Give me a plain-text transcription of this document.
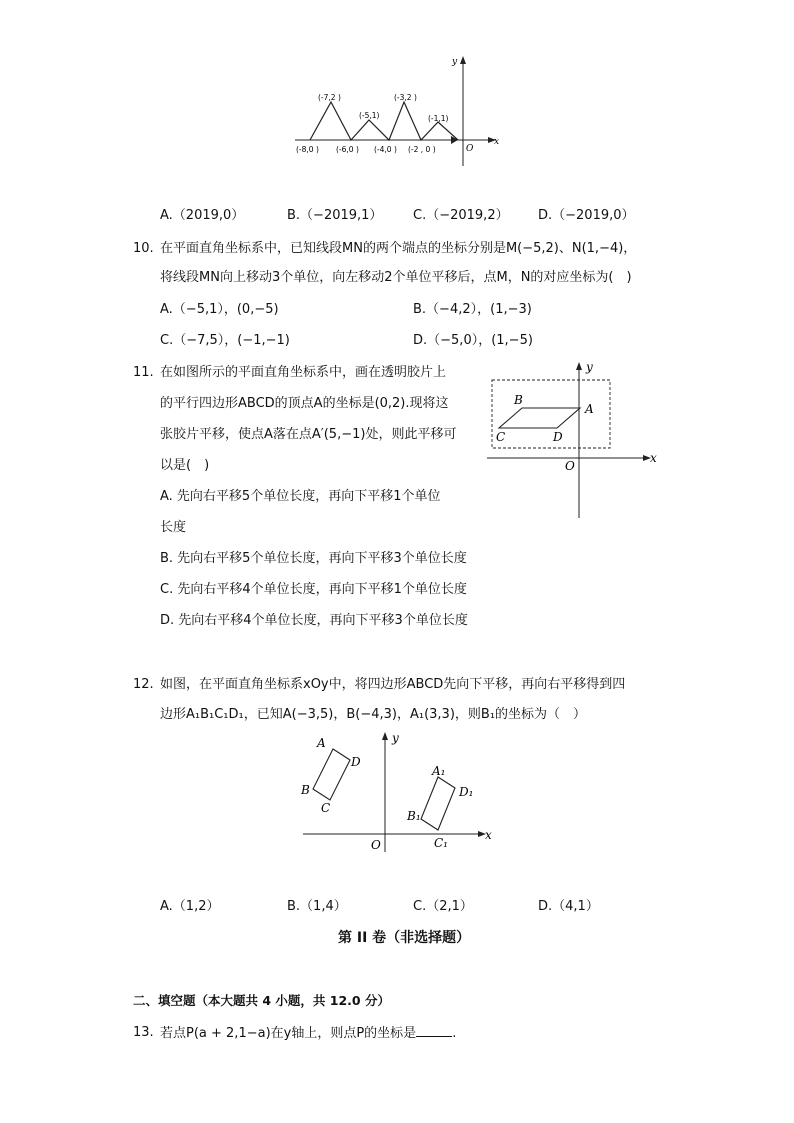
x
y
O
(-7,2 )
(-5,1)
(-3,2 )
(-1,1)
(-8,0 ) (-6,0 ) (-4,0 ) (-2 , 0 )
A.（2019,0）	B.（−2019,1） C.（−2019,2） D.（−2019,0）
10. 在平面直角坐标系中，已知线段MN的两个端点的坐标分别是M(−5,2)、N(1,−4)，
将线段MN向上移动3个单位，向左移动2个单位平移后，点M，N的对应坐标为(　)
A.（−5,1），(0,−5)	B.（−4,2），(1,−3)
C.（−7,5），(−1,−1)	D.（−5,0），(1,−5)
11. 在如图所示的平面直角坐标系中，画在透明胶片上
的平行四边形ABCD的顶点A的坐标是(0,2).现将这
张胶片平移，使点A落在点A′(5,−1)处，则此平移可
以是(　)
A. 先向右平移5个单位长度，再向下平移1个单位
长度
B. 先向右平移5个单位长度，再向下平移3个单位长度
C. 先向右平移4个单位长度，再向下平移1个单位长度
D. 先向右平移4个单位长度，再向下平移3个单位长度
B
A
C	D
O
x
y
12. 如图，在平面直角坐标系xOy中，将四边形ABCD先向下平移，再向右平移得到四
边形A₁B₁C₁D₁，已知A(−3,5)，B(−4,3)，A₁(3,3)，则B₁的坐标为（　）
A
D
B
C
A₁
D₁
B₁
C₁
O
x
y
A.（1,2）	B.（1,4）	C.（2,1）	D.（4,1）
第 II 卷（非选择题）
二、填空题（本大题共 4 小题，共 12.0 分）
13. 若点P(a + 2,1−a)在y轴上，则点P的坐标是	.
